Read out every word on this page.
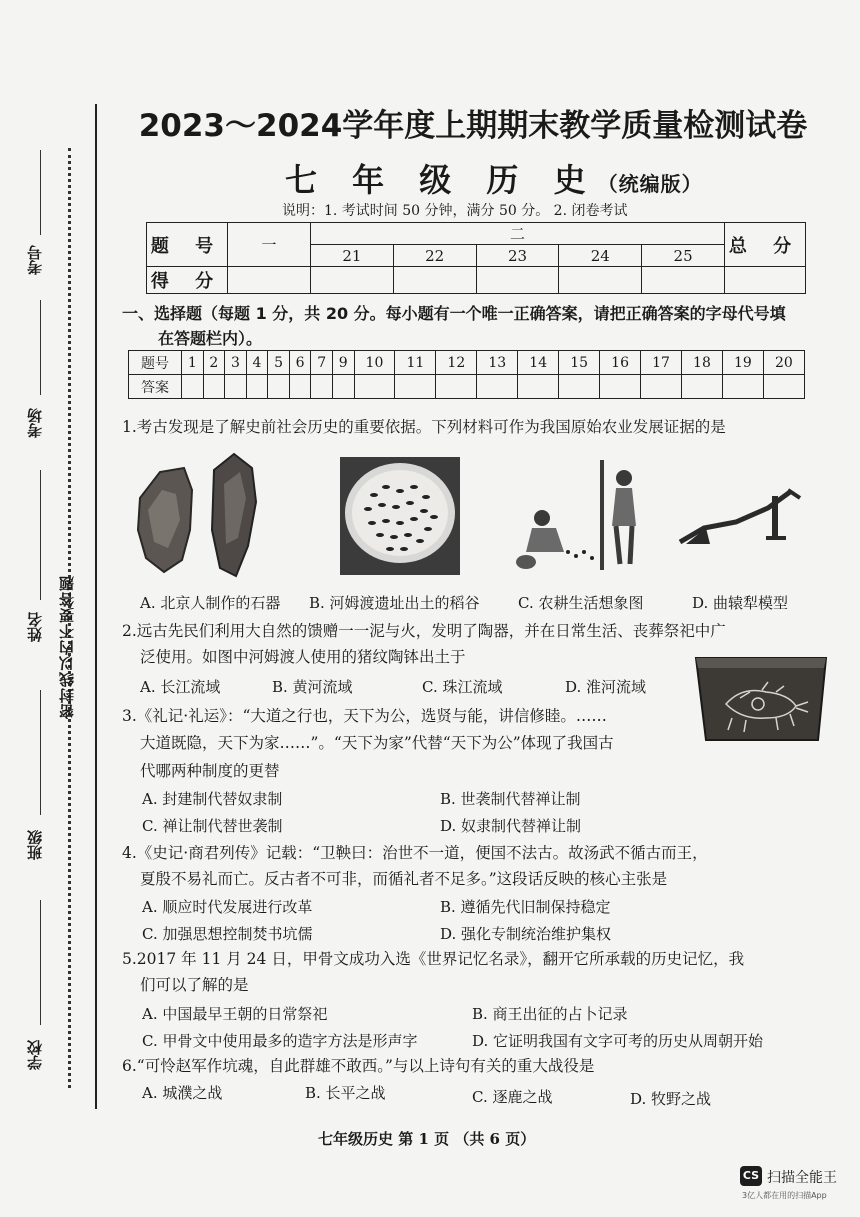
考号
考场
姓名 密封线以内不要答题
班级
学校
2023～2024学年度上期期末教学质量检测试卷
七 年 级 历 史（统编版）
说明：1. 考试时间 50 分钟，满分 50 分。 2. 闭卷考试
题 号	一	二					总 分
		21	22	23	24	25	
得 分							
一、选择题（每题 1 分，共 20 分。每小题有一个唯一正确答案，请把正确答案的字母代号填
在答题栏内）。
题号	1	2	3	4	5	6	7	9	10	11	12	13	14	15	16	17	18	19	20
答案																			
1.考古发现是了解史前社会历史的重要依据。下列材料可作为我国原始农业发展证据的是
A. 北京人制作的石器 B. 河姆渡遗址出土的稻谷	C. 农耕生活想象图	D. 曲辕犁模型
2.远古先民们利用大自然的馈赠一一泥与火，发明了陶器，并在日常生活、丧葬祭祀中广
泛使用。如图中河姆渡人使用的猪纹陶钵出土于
A. 长江流域	B. 黄河流域	C. 珠江流域	D. 淮河流域
3.《礼记·礼运》：“大道之行也，天下为公，选贤与能，讲信修睦。……
大道既隐，天下为家……”。“天下为家”代替“天下为公”体现了我国古
代哪两种制度的更替
A. 封建制代替奴隶制	B. 世袭制代替禅让制
C. 禅让制代替世袭制	D. 奴隶制代替禅让制
4.《史记·商君列传》记载：“卫鞅曰：治世不一道，便国不法古。故汤武不循古而王，
夏殷不易礼而亡。反古者不可非，而循礼者不足多。”这段话反映的核心主张是
A. 顺应时代发展进行改革	B. 遵循先代旧制保持稳定
C. 加强思想控制焚书坑儒	D. 强化专制统治维护集权
5.2017 年 11 月 24 日，甲骨文成功入选《世界记忆名录》，翻开它所承载的历史记忆，我
们可以了解的是
A. 中国最早王朝的日常祭祀	B. 商王出征的占卜记录
C. 甲骨文中使用最多的造字方法是形声字	D. 它证明我国有文字可考的历史从周朝开始
6.“可怜赵军作坑魂，自此群雄不敢西。”与以上诗句有关的重大战役是
A. 城濮之战	B. 长平之战	C. 逐鹿之战	D. 牧野之战
七年级历史 第 1 页 （共 6 页）
CS 扫描全能王
3亿人都在用的扫描App
